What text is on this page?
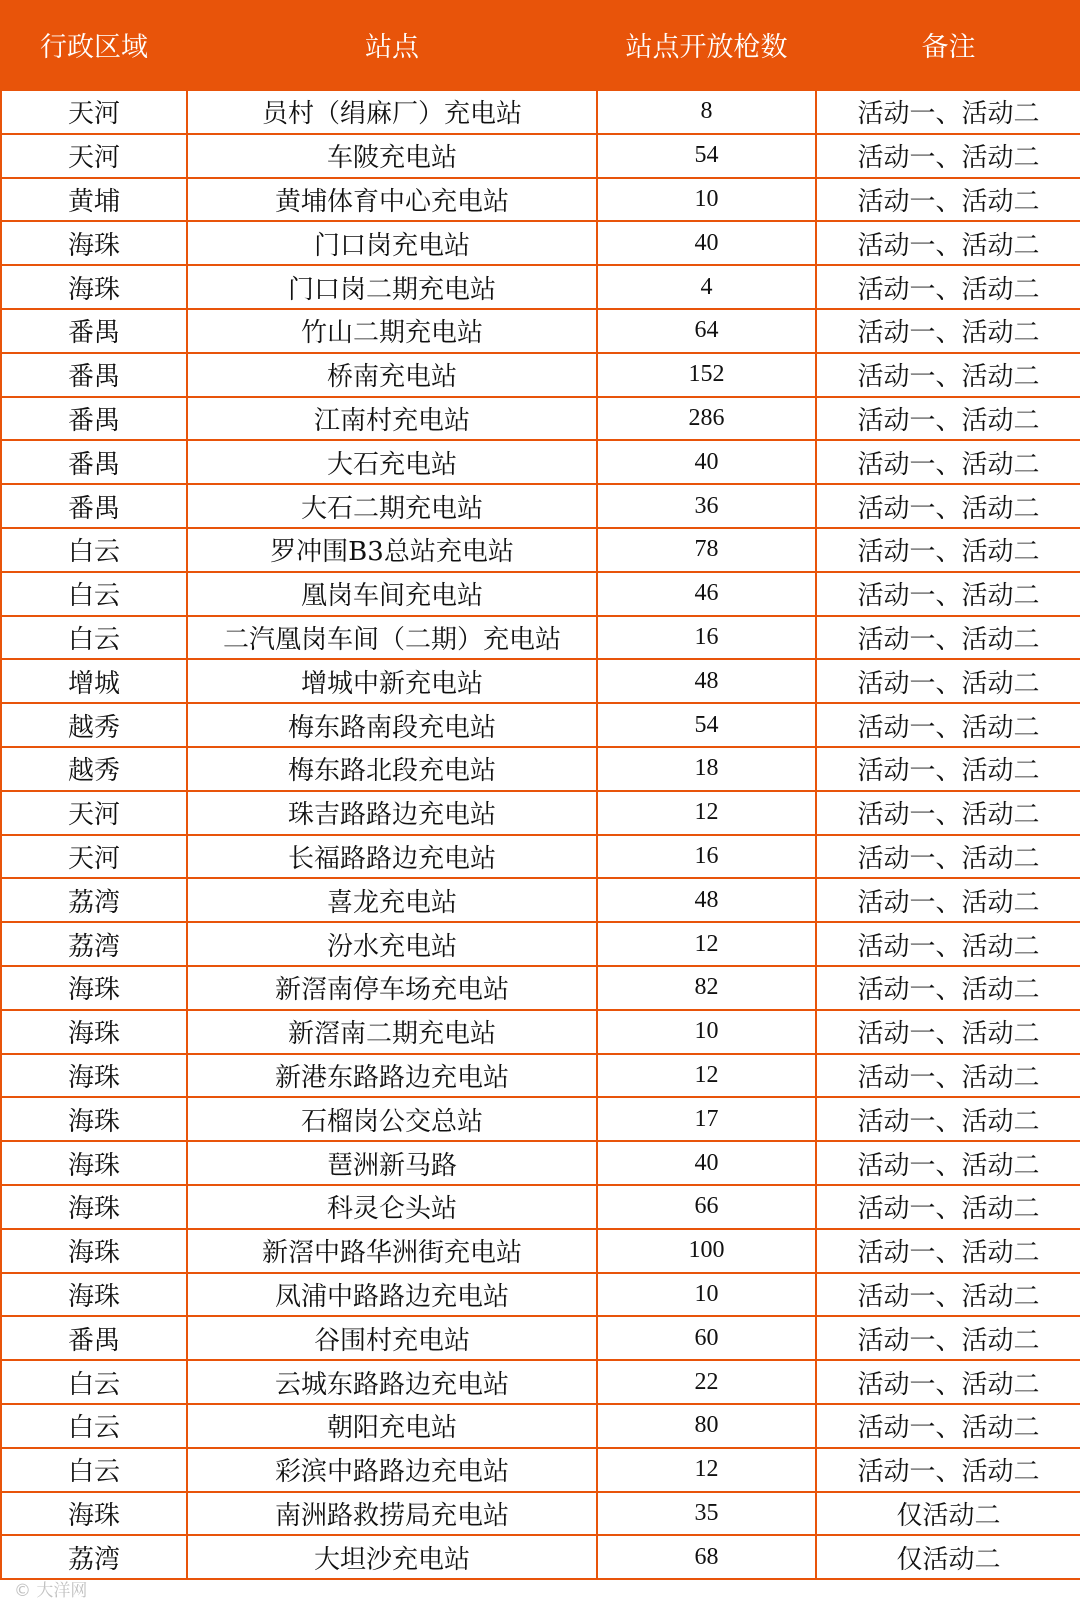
行政区域	站点	站点开放枪数	备注
天河	员村（绢麻厂）充电站	8	活动一、活动二
天河	车陂充电站	54	活动一、活动二
黄埔	黄埔体育中心充电站	10	活动一、活动二
海珠	门口岗充电站	40	活动一、活动二
海珠	门口岗二期充电站	4	活动一、活动二
番禺	竹山二期充电站	64	活动一、活动二
番禺	桥南充电站	152	活动一、活动二
番禺	江南村充电站	286	活动一、活动二
番禺	大石充电站	40	活动一、活动二
番禺	大石二期充电站	36	活动一、活动二
白云	罗冲围B3总站充电站	78	活动一、活动二
白云	凰岗车间充电站	46	活动一、活动二
白云	二汽凰岗车间（二期）充电站	16	活动一、活动二
增城	增城中新充电站	48	活动一、活动二
越秀	梅东路南段充电站	54	活动一、活动二
越秀	梅东路北段充电站	18	活动一、活动二
天河	珠吉路路边充电站	12	活动一、活动二
天河	长福路路边充电站	16	活动一、活动二
荔湾	喜龙充电站	48	活动一、活动二
荔湾	汾水充电站	12	活动一、活动二
海珠	新滘南停车场充电站	82	活动一、活动二
海珠	新滘南二期充电站	10	活动一、活动二
海珠	新港东路路边充电站	12	活动一、活动二
海珠	石榴岗公交总站	17	活动一、活动二
海珠	琶洲新马路	40	活动一、活动二
海珠	科灵仑头站	66	活动一、活动二
海珠	新滘中路华洲街充电站	100	活动一、活动二
海珠	凤浦中路路边充电站	10	活动一、活动二
番禺	谷围村充电站	60	活动一、活动二
白云	云城东路路边充电站	22	活动一、活动二
白云	朝阳充电站	80	活动一、活动二
白云	彩滨中路路边充电站	12	活动一、活动二
海珠	南洲路救捞局充电站	35	仅活动二
荔湾	大坦沙充电站	68	仅活动二
© 大洋网
